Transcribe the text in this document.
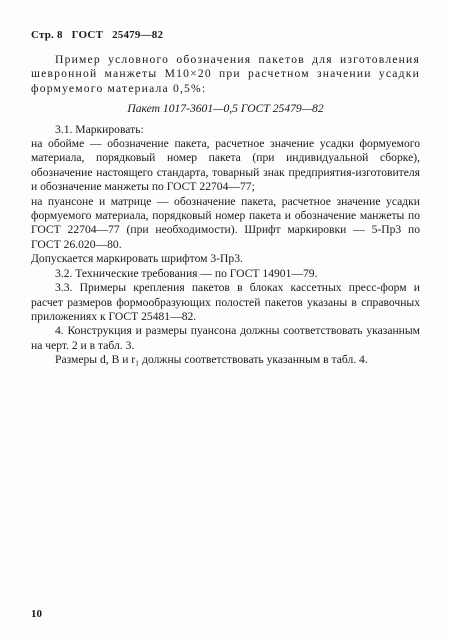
Стр. 8 ГОСТ 25479—82

Пример условного обозначения пакетов для изготовления шевронной манжеты М10×20 при расчетном значении усадки формуемого материала 0,5%:

Пакет 1017-3601—0,5 ГОСТ 25479—82

3.1. Маркировать:

на обойме — обозначение пакета, расчетное значение усадки формуемого материала, порядковый номер пакета (при индивидуальной сборке), обозначение настоящего стандарта, товарный знак предприятия-изготовителя и обозначение манжеты по ГОСТ 22704—77;

на пуансоне и матрице — обозначение пакета, расчетное значение усадки формуемого материала, порядковый номер пакета и обозначение манжеты по ГОСТ 22704—77 (при необходимости). Шрифт маркировки — 5-Пр3 по ГОСТ 26.020—80.

Допускается маркировать шрифтом 3-Пр3.

3.2. Технические требования — по ГОСТ 14901—79.

3.3. Примеры крепления пакетов в блоках кассетных пресс-форм и расчет размеров формообразующих полостей пакетов указаны в справочных приложениях к ГОСТ 25481—82.

4. Конструкция и размеры пуансона должны соответствовать указанным на черт. 2 и в табл. 3.

Размеры d, B и r₁ должны соответствовать указанным в табл. 4.

10
